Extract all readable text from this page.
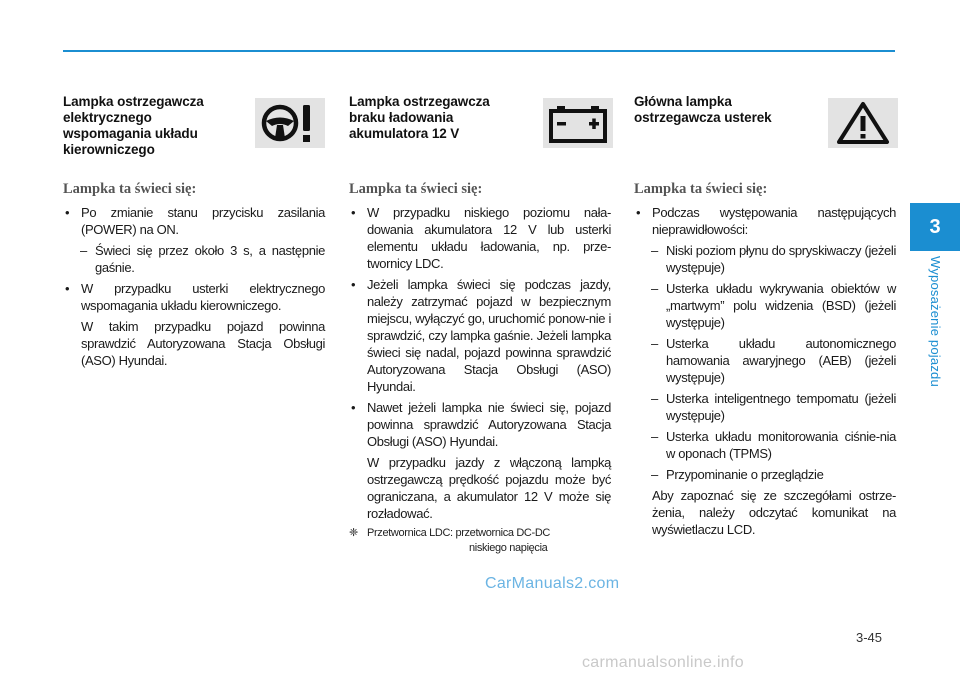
Lampka ostrzegawcza elektrycznego wspomagania układu kierowniczego
Lampka ta świeci się:
• Po zmianie stanu przycisku zasilania (POWER) na ON.
– Świeci się przez około 3 s, a następnie gaśnie.
• W przypadku usterki elektrycznego wspomagania układu kierowniczego.
W takim przypadku pojazd powinna sprawdzić Autoryzowana Stacja Obsługi (ASO) Hyundai.
Lampka ostrzegawcza braku ładowania akumulatora 12 V
Lampka ta świeci się:
• W przypadku niskiego poziomu nała-dowania akumulatora 12 V lub usterki elementu układu ładowania, np. prze-twornicy LDC.
• Jeżeli lampka świeci się podczas jazdy, należy zatrzymać pojazd w bezpiecznym miejscu, wyłączyć go, uruchomić ponow-nie i sprawdzić, czy lampka gaśnie. Jeżeli lampka świeci się nadal, pojazd powinna sprawdzić Autoryzowana Stacja Obsługi (ASO) Hyundai.
• Nawet jeżeli lampka nie świeci się, pojazd powinna sprawdzić Autoryzowana Stacja Obsługi (ASO) Hyundai.
W przypadku jazdy z włączoną lampką ostrzegawczą prędkość pojazdu może być ograniczana, a akumulator 12 V może się rozładować.
❈ Przetwornica LDC: przetwornica DC-DC
niskiego napięcia
Główna lampka ostrzegawcza usterek
Lampka ta świeci się:
• Podczas występowania następujących nieprawidłowości:
– Niski poziom płynu do spryskiwaczy (jeżeli występuje)
– Usterka układu wykrywania obiektów w „martwym” polu widzenia (BSD) (jeżeli występuje)
– Usterka układu autonomicznego hamowania awaryjnego (AEB) (jeżeli występuje)
– Usterka inteligentnego tempomatu (jeżeli występuje)
– Usterka układu monitorowania ciśnie-nia w oponach (TPMS)
– Przypominanie o przeglądzie
Aby zapoznać się ze szczegółami ostrze-żenia, należy odczytać komunikat na wyświetlaczu LCD.
3
Wyposażenie pojazdu
3-45
CarManuals2.com
carmanualsonline.info
